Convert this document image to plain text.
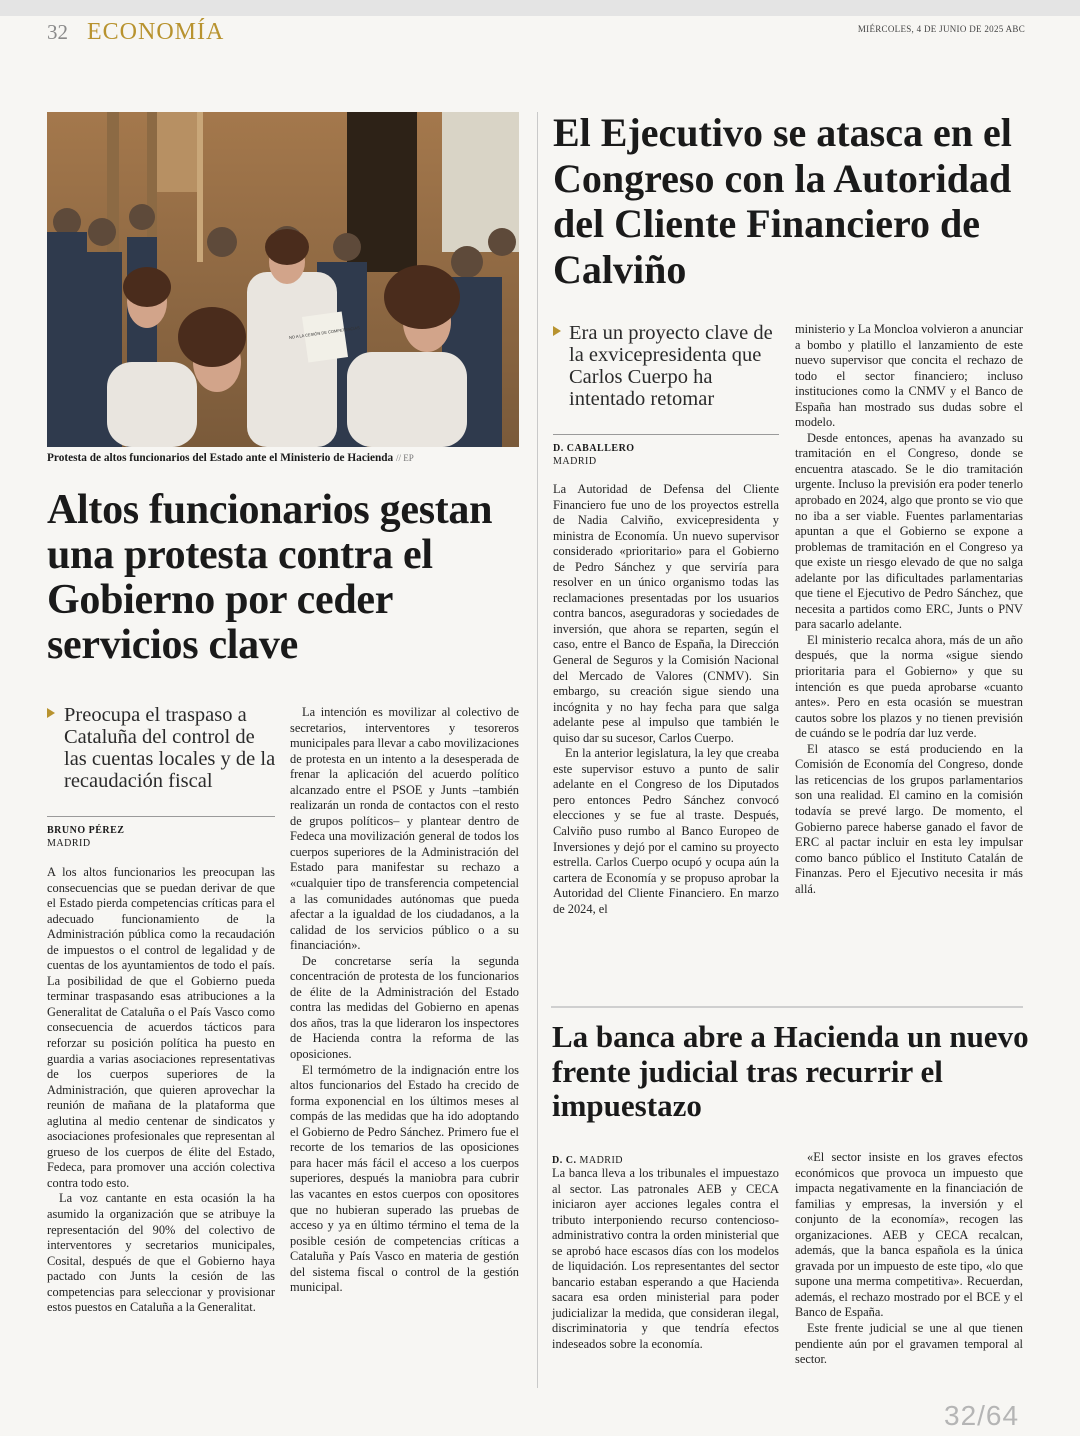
32 ECONOMÍA	MIÉRCOLES, 4 DE JUNIO DE 2025 ABC
NO A LA CESIÓN DE COMPETENCIAS
Protesta de altos funcionarios del Estado ante el Ministerio de Hacienda // EP
Altos funcionarios gestan una protesta contra el Gobierno por ceder servicios clave
Preocupa el traspaso a Cataluña del control de las cuentas locales y de la recaudación fiscal
BRUNO PÉREZ
MADRID

A los altos funcionarios les preocupan las consecuencias que se puedan derivar de que el Estado pierda competencias críticas para el adecuado funcionamiento de la Administración pública como la recaudación de impuestos o el control de legalidad y de cuentas de los ayuntamientos de todo el país. La posibilidad de que el Gobierno pueda terminar traspasando esas atribuciones a la Generalitat de Cataluña o el País Vasco como consecuencia de acuerdos tácticos para reforzar su posición política ha puesto en guardia a varias asociaciones representativas de los cuerpos superiores de la Administración, que quieren aprovechar la reunión de mañana de la plataforma que aglutina al medio centenar de sindicatos y asociaciones profesionales que representan al grueso de los cuerpos de élite del Estado, Fedeca, para promover una acción colectiva contra todo esto.

La voz cantante en esta ocasión la ha asumido la organización que se atribuye la representación del 90% del colectivo de interventores y secretarios municipales, Cosital, después de que el Gobierno haya pactado con Junts la cesión de las competencias para seleccionar y provisionar estos puestos en Cataluña a la Generalitat.

La intención es movilizar al colectivo de secretarios, interventores y tesoreros municipales para llevar a cabo movilizaciones de protesta en un intento a la desesperada de frenar la aplicación del acuerdo político alcanzado entre el PSOE y Junts –también realizarán un ronda de contactos con el resto de grupos políticos– y plantear dentro de Fedeca una movilización general de todos los cuerpos superiores de la Administración del Estado para manifestar su rechazo a «cualquier tipo de transferencia competencial a las comunidades autónomas que pueda afectar a la igualdad de los ciudadanos, a la calidad de los servicios público o a su financiación».

De concretarse sería la segunda concentración de protesta de los funcionarios de élite de la Administración del Estado contra las medidas del Gobierno en apenas dos años, tras la que lideraron los inspectores de Hacienda contra la reforma de las oposiciones.

El termómetro de la indignación entre los altos funcionarios del Estado ha crecido de forma exponencial en los últimos meses al compás de las medidas que ha ido adoptando el Gobierno de Pedro Sánchez. Primero fue el recorte de los temarios de las oposiciones para hacer más fácil el acceso a los cuerpos superiores, después la maniobra para cubrir las vacantes en estos cuerpos con opositores que no hubieran superado las pruebas de acceso y ya en último término el tema de la posible cesión de competencias críticas a Cataluña y País Vasco en materia de gestión del sistema fiscal o control de la gestión municipal.

El Ejecutivo se atasca en el Congreso con la Autoridad del Cliente Financiero de Calviño
Era un proyecto clave de la exvicepresidenta que Carlos Cuerpo ha intentado retomar
D. CABALLERO
MADRID

La Autoridad de Defensa del Cliente Financiero fue uno de los proyectos estrella de Nadia Calviño, exvicepresidenta y ministra de Economía. Un nuevo supervisor considerado «prioritario» para el Gobierno de Pedro Sánchez y que serviría para resolver en un único organismo todas las reclamaciones presentadas por los usuarios contra bancos, aseguradoras y sociedades de inversión, que ahora se reparten, según el caso, entre el Banco de España, la Dirección General de Seguros y la Comisión Nacional del Mercado de Valores (CNMV). Sin embargo, su creación sigue siendo una incógnita y no hay fecha para que salga adelante pese al impulso que también le quiso dar su sucesor, Carlos Cuerpo.

En la anterior legislatura, la ley que creaba este supervisor estuvo a punto de salir adelante en el Congreso de los Diputados pero entonces Pedro Sánchez convocó elecciones y se fue al traste. Después, Calviño puso rumbo al Banco Europeo de Inversiones y dejó por el camino su proyecto estrella. Carlos Cuerpo ocupó y ocupa aún la cartera de Economía y se propuso aprobar la Autoridad del Cliente Financiero. En marzo de 2024, el

ministerio y La Moncloa volvieron a anunciar a bombo y platillo el lanzamiento de este nuevo supervisor que concita el rechazo de todo el sector financiero; incluso instituciones como la CNMV y el Banco de España han mostrado sus dudas sobre el modelo.

Desde entonces, apenas ha avanzado su tramitación en el Congreso, donde se encuentra atascado. Se le dio tramitación urgente. Incluso la previsión era poder tenerlo aprobado en 2024, algo que pronto se vio que no iba a ser viable. Fuentes parlamentarias apuntan a que el Gobierno se expone a problemas de tramitación en el Congreso ya que existe un riesgo elevado de que no salga adelante por las dificultades parlamentarias que tiene el Ejecutivo de Pedro Sánchez, que necesita a partidos como ERC, Junts o PNV para sacarlo adelante.

El ministerio recalca ahora, más de un año después, que la norma «sigue siendo prioritaria para el Gobierno» y que su intención es que pueda aprobarse «cuanto antes». Pero en esta ocasión se muestran cautos sobre los plazos y no tienen previsión de cuándo se le podría dar luz verde.

El atasco se está produciendo en la Comisión de Economía del Congreso, donde las reticencias de los grupos parlamentarios son una realidad. El camino en la comisión todavía se prevé largo. De momento, el Gobierno parece haberse ganado el favor de ERC al pactar incluir en esta ley impulsar como banco público el Instituto Catalán de Finanzas. Pero el Ejecutivo necesita ir más allá.

La banca abre a Hacienda un nuevo frente judicial tras recurrir el impuestazo
D. C. MADRID

La banca lleva a los tribunales el impuestazo al sector. Las patronales AEB y CECA iniciaron ayer acciones legales contra el tributo interponiendo recurso contencioso-administrativo contra la orden ministerial que se aprobó hace escasos días con los modelos de liquidación. Los representantes del sector bancario estaban esperando a que Hacienda sacara esa orden ministerial para poder judicializar la medida, que consideran ilegal, discriminatoria y que tendría efectos indeseados sobre la economía.

«El sector insiste en los graves efectos económicos que provoca un impuesto que impacta negativamente en la financiación de familias y empresas, la inversión y el conjunto de la economía», recogen las organizaciones. AEB y CECA recalcan, además, que la banca española es la única gravada por un impuesto de este tipo, «lo que supone una merma competitiva». Recuerdan, además, el rechazo mostrado por el BCE y el Banco de España.

Este frente judicial se une al que tienen pendiente aún por el gravamen temporal al sector.

32/64
